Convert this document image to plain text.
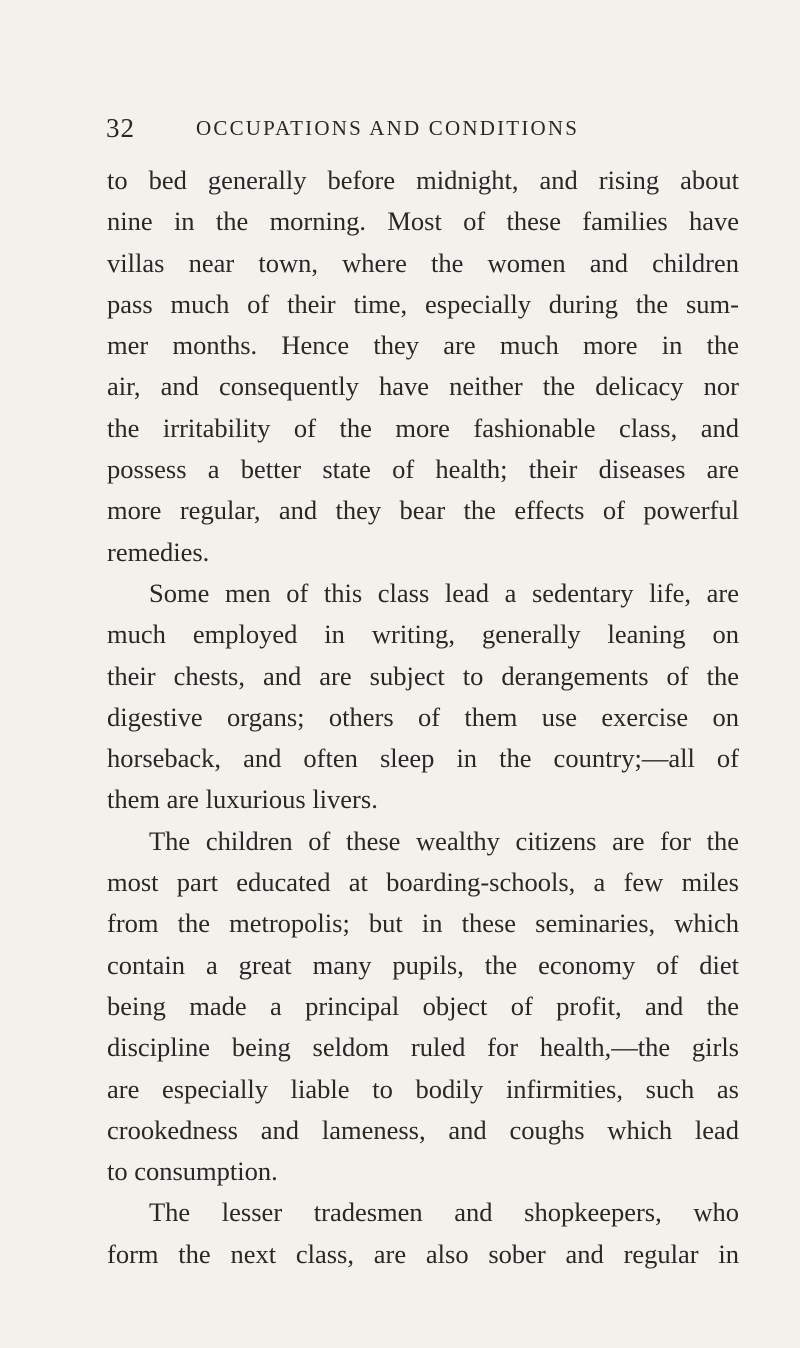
32	OCCUPATIONS AND CONDITIONS
to bed generally before midnight, and rising about
nine in the morning. Most of these families have
villas near town, where the women and children
pass much of their time, especially during the sum-
mer months. Hence they are much more in the
air, and consequently have neither the delicacy nor
the irritability of the more fashionable class, and
possess a better state of health; their diseases are
more regular, and they bear the effects of powerful
remedies.
Some men of this class lead a sedentary life, are
much employed in writing, generally leaning on
their chests, and are subject to derangements of the
digestive organs; others of them use exercise on
horseback, and often sleep in the country;—all of
them are luxurious livers.
The children of these wealthy citizens are for the
most part educated at boarding-schools, a few miles
from the metropolis; but in these seminaries, which
contain a great many pupils, the economy of diet
being made a principal object of profit, and the
discipline being seldom ruled for health,—the girls
are especially liable to bodily infirmities, such as
crookedness and lameness, and coughs which lead
to consumption.
The lesser tradesmen and shopkeepers, who
form the next class, are also sober and regular in
